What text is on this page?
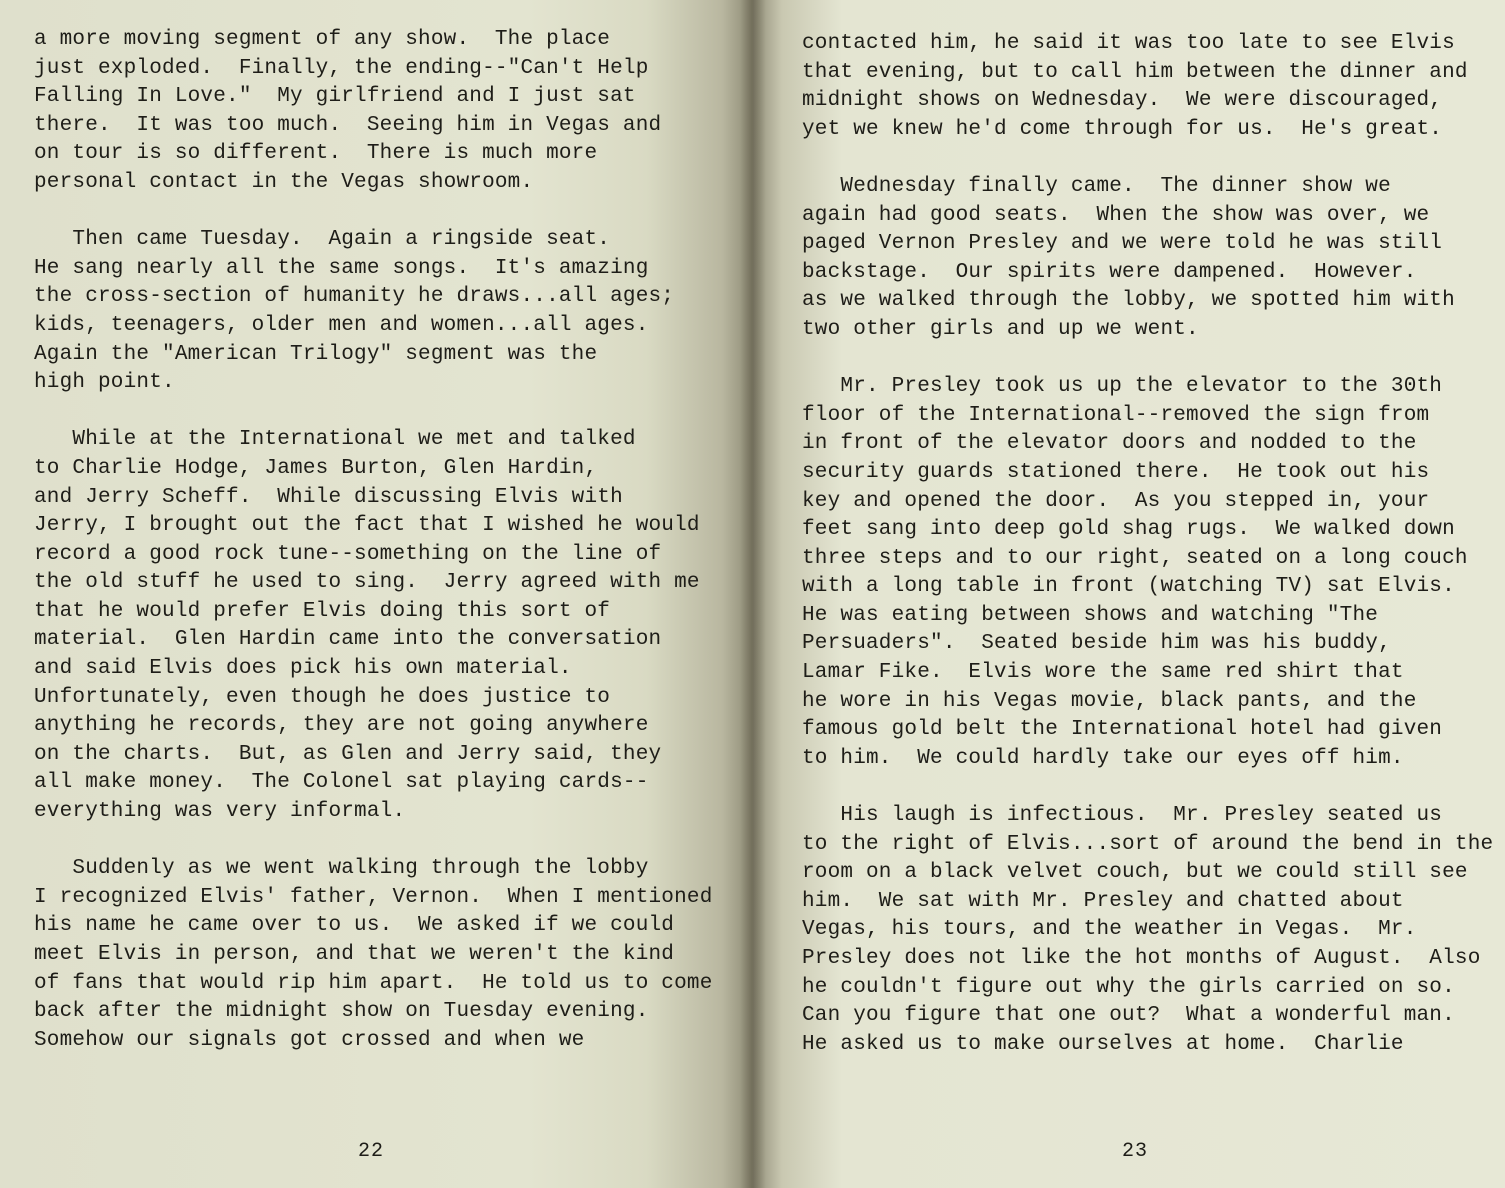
a more moving segment of any show.  The place
just exploded.  Finally, the ending--"Can't Help
Falling In Love."  My girlfriend and I just sat
there.  It was too much.  Seeing him in Vegas and
on tour is so different.  There is much more
personal contact in the Vegas showroom.
Then came Tuesday.  Again a ringside seat.
He sang nearly all the same songs.  It's amazing
the cross-section of humanity he draws...all ages;
kids, teenagers, older men and women...all ages.
Again the "American Trilogy" segment was the
high point.
While at the International we met and talked
to Charlie Hodge, James Burton, Glen Hardin,
and Jerry Scheff.  While discussing Elvis with
Jerry, I brought out the fact that I wished he would
record a good rock tune--something on the line of
the old stuff he used to sing.  Jerry agreed with me
that he would prefer Elvis doing this sort of
material.  Glen Hardin came into the conversation
and said Elvis does pick his own material.
Unfortunately, even though he does justice to
anything he records, they are not going anywhere
on the charts.  But, as Glen and Jerry said, they
all make money.  The Colonel sat playing cards--
everything was very informal.
Suddenly as we went walking through the lobby
I recognized Elvis' father, Vernon.  When I mentioned
his name he came over to us.  We asked if we could
meet Elvis in person, and that we weren't the kind
of fans that would rip him apart.  He told us to come
back after the midnight show on Tuesday evening.
Somehow our signals got crossed and when we
22
contacted him, he said it was too late to see Elvis
that evening, but to call him between the dinner and
midnight shows on Wednesday.  We were discouraged,
yet we knew he'd come through for us.  He's great.
Wednesday finally came.  The dinner show we
again had good seats.  When the show was over, we
paged Vernon Presley and we were told he was still
backstage.  Our spirits were dampened.  However.
as we walked through the lobby, we spotted him with
two other girls and up we went.
Mr. Presley took us up the elevator to the 30th
floor of the International--removed the sign from
in front of the elevator doors and nodded to the
security guards stationed there.  He took out his
key and opened the door.  As you stepped in, your
feet sang into deep gold shag rugs.  We walked down
three steps and to our right, seated on a long couch
with a long table in front (watching TV) sat Elvis.
He was eating between shows and watching "The
Persuaders".  Seated beside him was his buddy,
Lamar Fike.  Elvis wore the same red shirt that
he wore in his Vegas movie, black pants, and the
famous gold belt the International hotel had given
to him.  We could hardly take our eyes off him.
His laugh is infectious.  Mr. Presley seated us
to the right of Elvis...sort of around the bend in the
room on a black velvet couch, but we could still see
him.  We sat with Mr. Presley and chatted about
Vegas, his tours, and the weather in Vegas.  Mr.
Presley does not like the hot months of August.  Also
he couldn't figure out why the girls carried on so.
Can you figure that one out?  What a wonderful man.
He asked us to make ourselves at home.  Charlie
23
